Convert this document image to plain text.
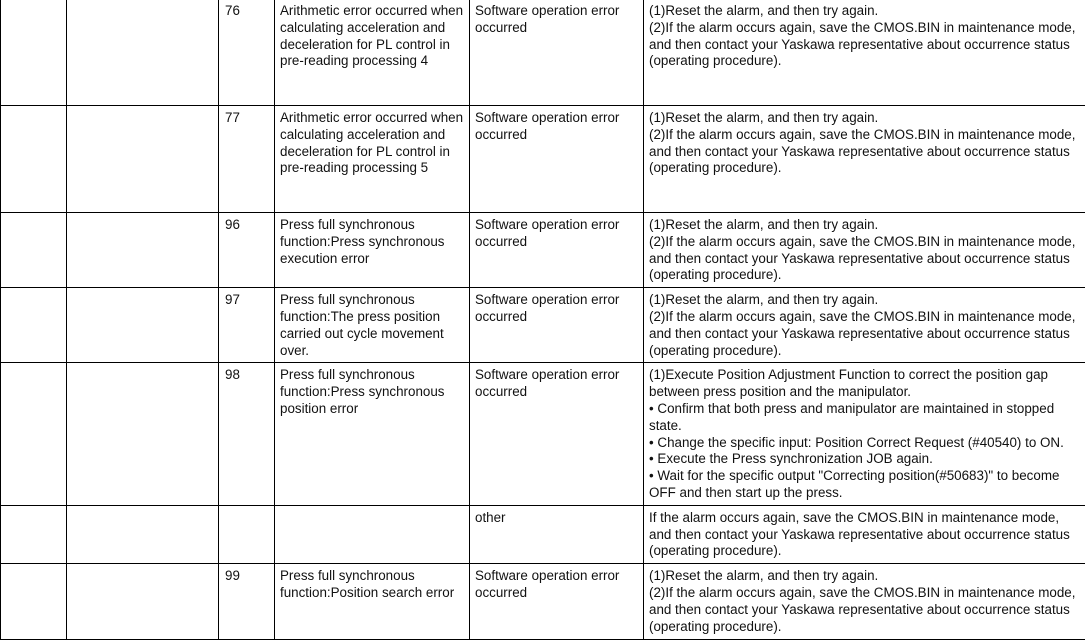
		76	Arithmetic error occurred when calculating acceleration and deceleration for PL control in pre-reading processing 4	Software operation error occurred	(1)Reset the alarm, and then try again.
(2)If the alarm occurs again, save the CMOS.BIN in maintenance mode, and then contact your Yaskawa representative about occurrence status (operating procedure).

		77	Arithmetic error occurred when calculating acceleration and deceleration for PL control in pre-reading processing 5	Software operation error occurred	(1)Reset the alarm, and then try again.
(2)If the alarm occurs again, save the CMOS.BIN in maintenance mode, and then contact your Yaskawa representative about occurrence status (operating procedure).

		96	Press full synchronous function:Press synchronous execution error	Software operation error occurred	(1)Reset the alarm, and then try again.
(2)If the alarm occurs again, save the CMOS.BIN in maintenance mode, and then contact your Yaskawa representative about occurrence status (operating procedure).

		97	Press full synchronous function:The press position carried out cycle movement over.	Software operation error occurred	(1)Reset the alarm, and then try again.
(2)If the alarm occurs again, save the CMOS.BIN in maintenance mode, and then contact your Yaskawa representative about occurrence status (operating procedure).

		98	Press full synchronous function:Press synchronous position error	Software operation error occurred	(1)Execute Position Adjustment Function to correct the position gap between press position and the manipulator.
• Confirm that both press and manipulator are maintained in stopped state.
• Change the specific input: Position Correct Request (#40540) to ON.
• Execute the Press synchronization JOB again.
• Wait for the specific output "Correcting position(#50683)" to become OFF and then start up the press.

				other	If the alarm occurs again, save the CMOS.BIN in maintenance mode, and then contact your Yaskawa representative about occurrence status (operating procedure).

		99	Press full synchronous function:Position search error	Software operation error occurred	(1)Reset the alarm, and then try again.
(2)If the alarm occurs again, save the CMOS.BIN in maintenance mode, and then contact your Yaskawa representative about occurrence status (operating procedure).
